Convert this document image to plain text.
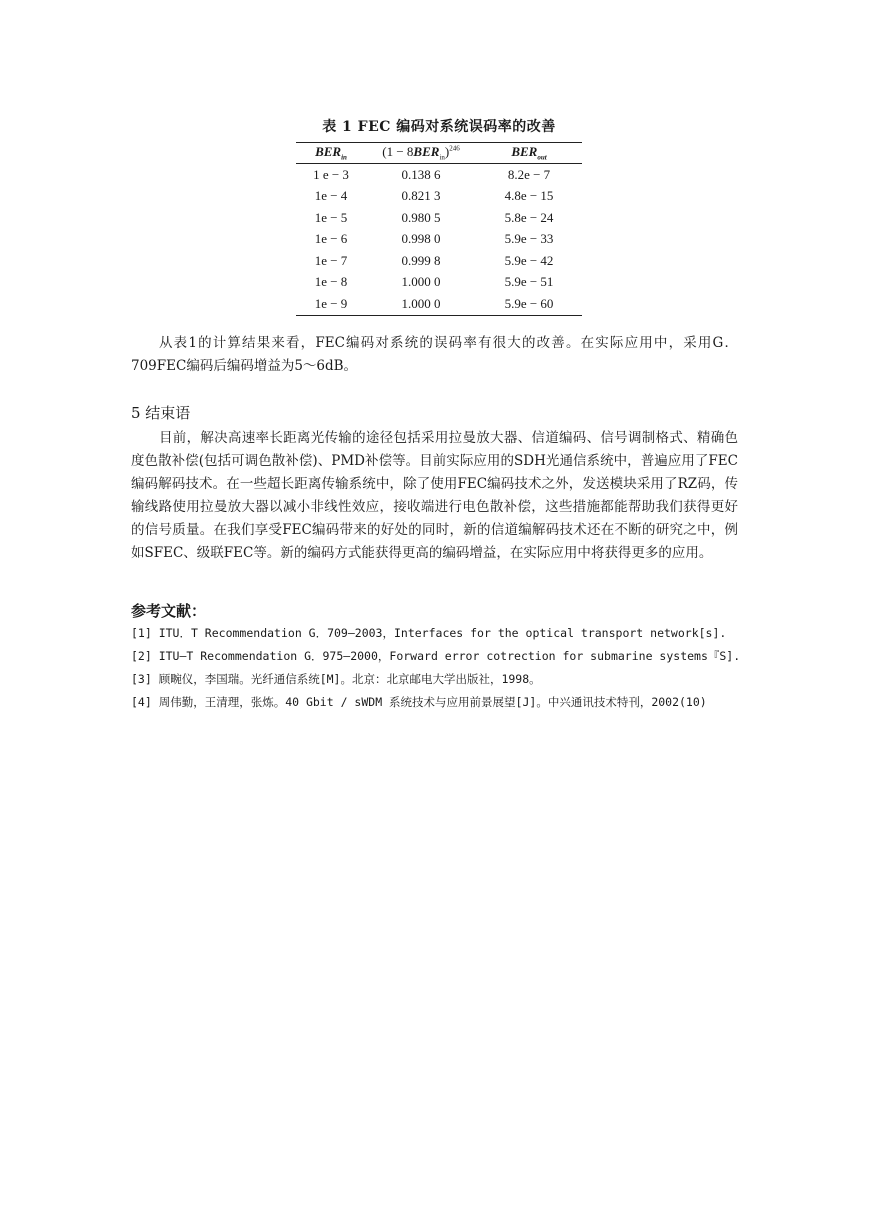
表 1 FEC 编码对系统误码率的改善
$BER_{in}$	$(1 - 8BER_{in})^{246}$	$BER_{out}$
1 e − 3	0.138 6	8.2e − 7
1e − 4	0.821 3	4.8e − 15
1e − 5	0.980 5	5.8e − 24
1e − 6	0.998 0	5.9e − 33
1e − 7	0.999 8	5.9e − 42
1e − 8	1.000 0	5.9e − 51
1e − 9	1.000 0	5.9e − 60

从表1的计算结果来看，FEC编码对系统的误码率有很大的改善。在实际应用中，采用G．709FEC编码后编码增益为5～6dB。

5 结束语

目前，解决高速率长距离光传输的途径包括采用拉曼放大器、信道编码、信号调制格式、精确色度色散补偿(包括可调色散补偿)、PMD补偿等。目前实际应用的SDH光通信系统中，普遍应用了FEC编码解码技术。在一些超长距离传输系统中，除了使用FEC编码技术之外，发送模块采用了RZ码，传输线路使用拉曼放大器以减小非线性效应，接收端进行电色散补偿，这些措施都能帮助我们获得更好的信号质量。在我们享受FEC编码带来的好处的同时，新的信道编解码技术还在不断的研究之中，例如SFEC、级联FEC等。新的编码方式能获得更高的编码增益，在实际应用中将获得更多的应用。

参考文献：
[1] ITU．T Recommendation G．709—2003，Interfaces for the optical transport network[s].
[2] ITU—T Recommendation G．975—2000，Forward error cotrection for submarine systems『S].
[3] 顾畹仪，李国瑞。光纤通信系统[M]。北京：北京邮电大学出版社，1998。
[4] 周伟勤，王清理，张炼。40 Gbit / sWDM 系统技术与应用前景展望[J]。中兴通讯技术特刊，2002(10)
